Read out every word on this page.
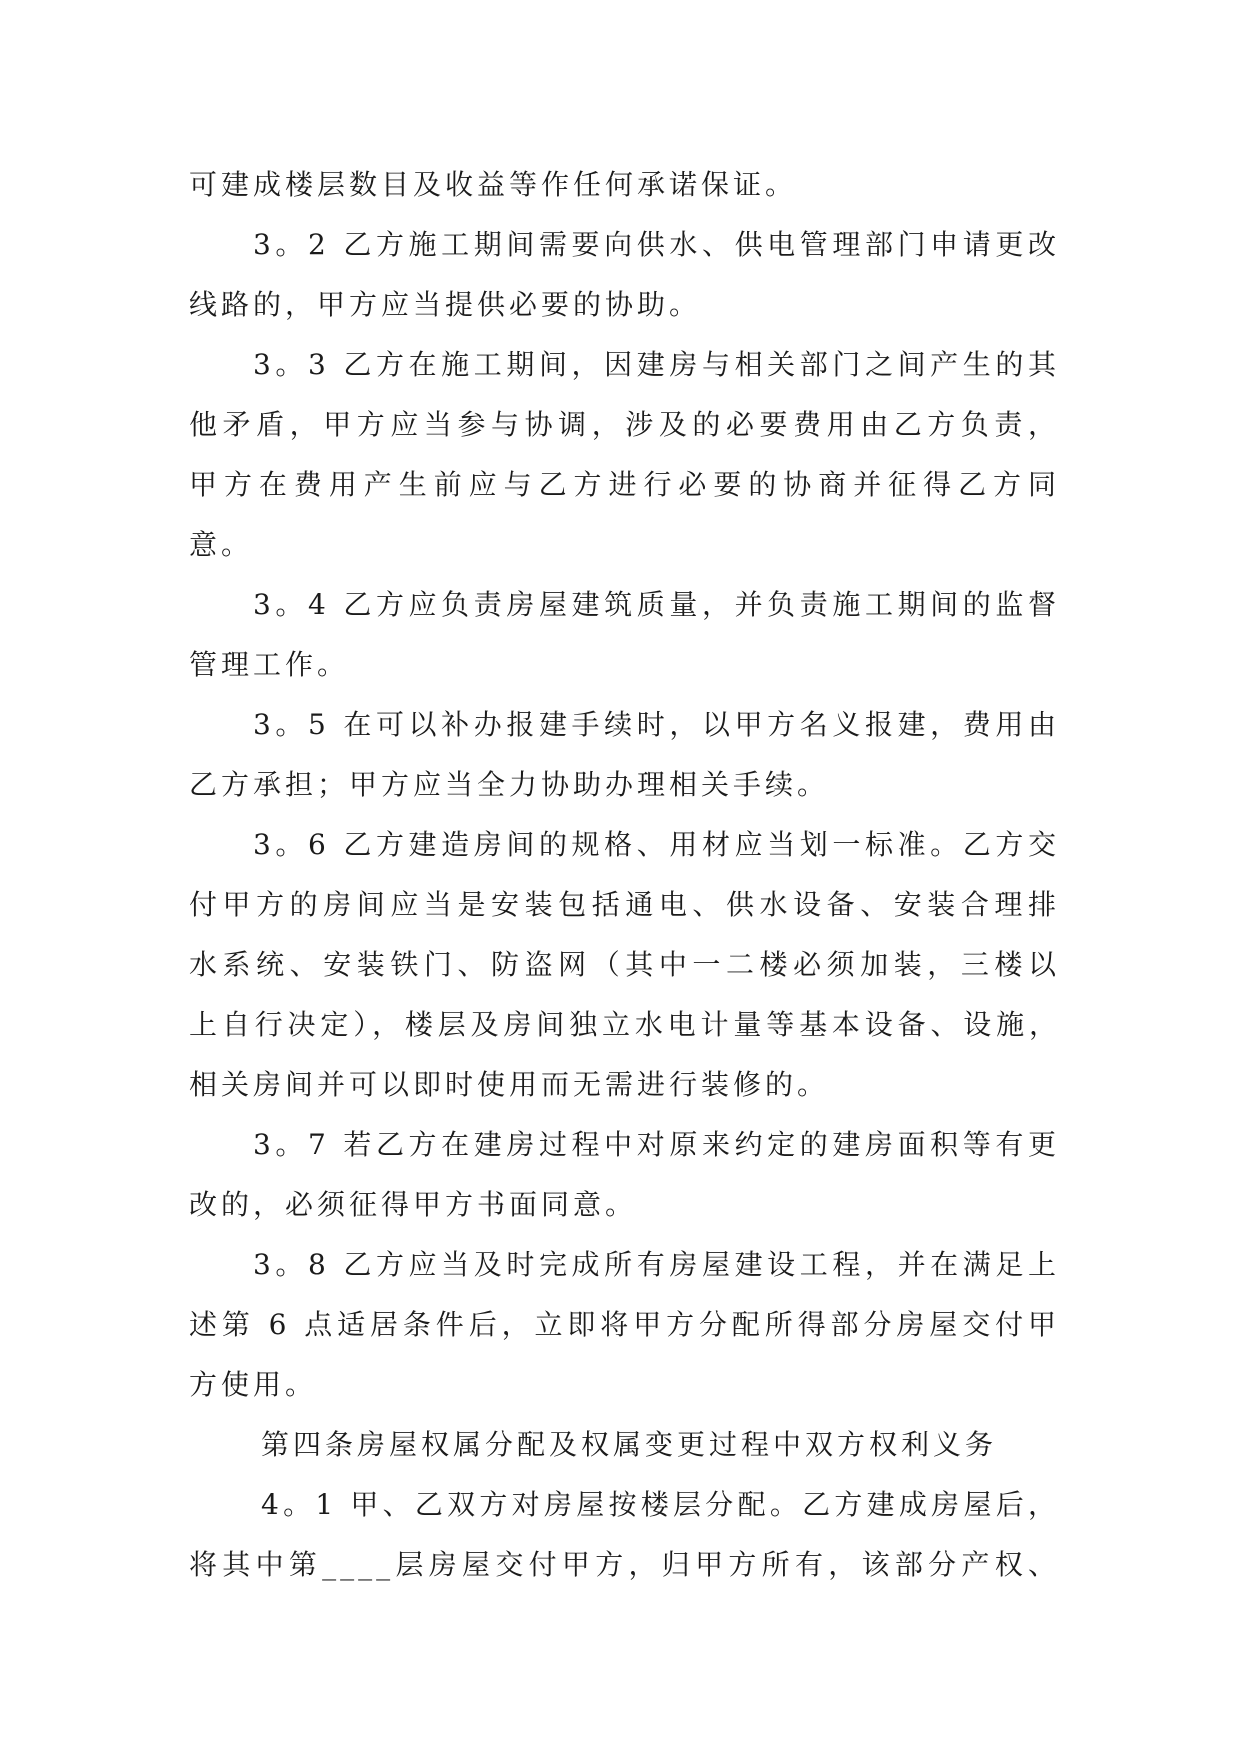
可建成楼层数目及收益等作任何承诺保证。
3。2 乙方施工期间需要向供水、供电管理部门申请更改
线路的，甲方应当提供必要的协助。
3。3 乙方在施工期间，因建房与相关部门之间产生的其
他矛盾，甲方应当参与协调，涉及的必要费用由乙方负责，
甲方在费用产生前应与乙方进行必要的协商并征得乙方同
意。
3。4 乙方应负责房屋建筑质量，并负责施工期间的监督
管理工作。
3。5 在可以补办报建手续时，以甲方名义报建，费用由
乙方承担；甲方应当全力协助办理相关手续。
3。6 乙方建造房间的规格、用材应当划一标准。乙方交
付甲方的房间应当是安装包括通电、供水设备、安装合理排
水系统、安装铁门、防盗网（其中一二楼必须加装，三楼以
上自行决定），楼层及房间独立水电计量等基本设备、设施，
相关房间并可以即时使用而无需进行装修的。
3。7 若乙方在建房过程中对原来约定的建房面积等有更
改的，必须征得甲方书面同意。
3。8 乙方应当及时完成所有房屋建设工程，并在满足上
述第 6 点适居条件后，立即将甲方分配所得部分房屋交付甲
方使用。
第四条房屋权属分配及权属变更过程中双方权利义务
4。1 甲、乙双方对房屋按楼层分配。乙方建成房屋后，
将其中第____层房屋交付甲方，归甲方所有，该部分产权、
